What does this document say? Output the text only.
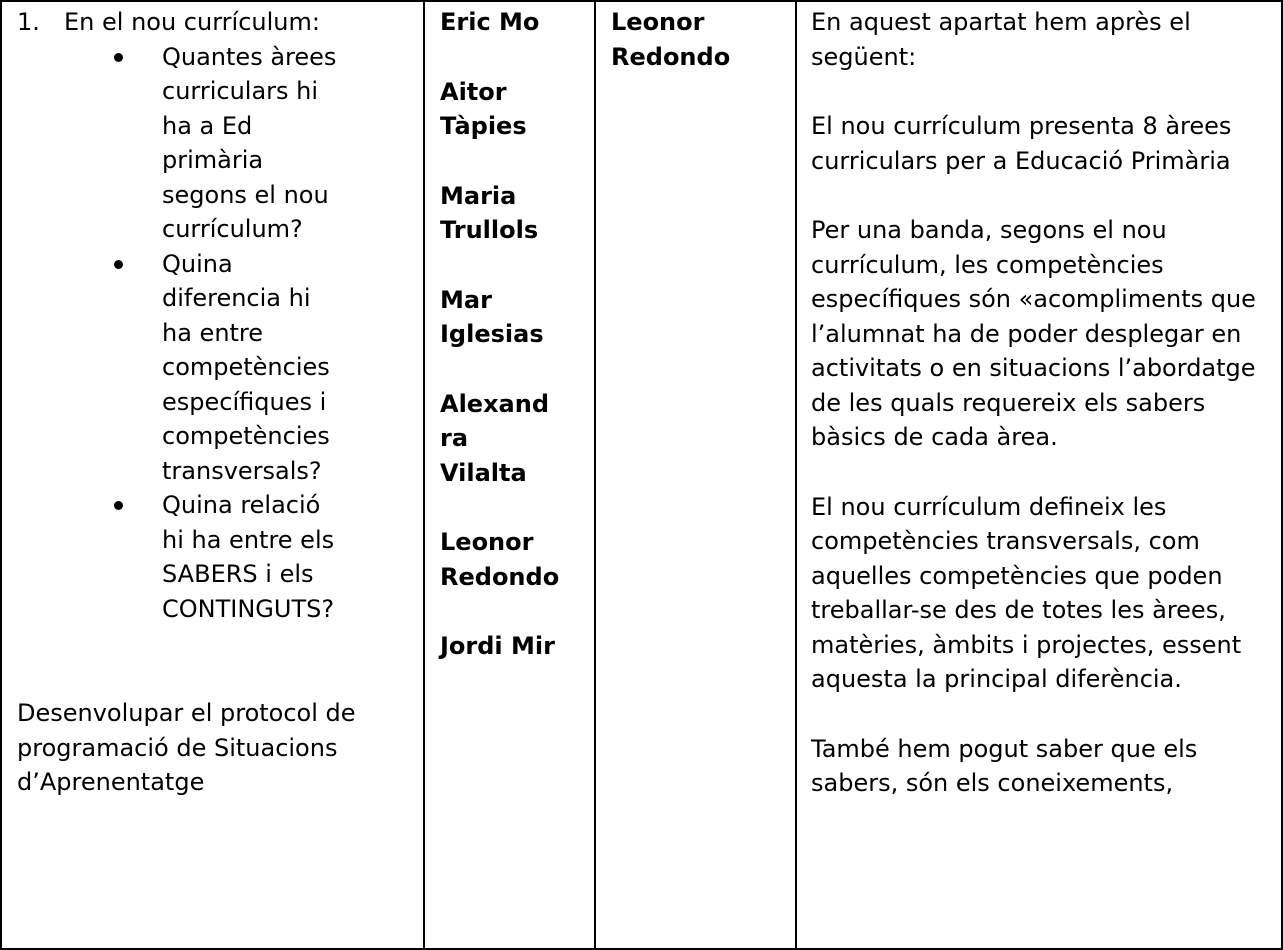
1.	En el nou currículum:
Quantes àrees curriculars hi ha a Ed primària segons el nou currículum?
Quina diferencia hi ha entre competències específiques i competències transversals?
Quina relació hi ha entre els SABERS i els CONTINGUTS?
Desenvolupar el protocol de programació de Situacions d’Aprenentatge

Eric Mo
Aitor Tàpies
Maria Trullols
Mar Iglesias
Alexandra Vilalta
Leonor Redondo
Jordi Mir

Leonor Redondo

En aquest apartat hem après el següent:

El nou currículum presenta 8 àrees curriculars per a Educació Primària

Per una banda, segons el nou currículum, les competències específiques són «acompliments que l’alumnat ha de poder desplegar en activitats o en situacions l’abordatge de les quals requereix els sabers bàsics de cada àrea.

El nou currículum defineix les competències transversals, com aquelles competències que poden treballar-se des de totes les àrees, matèries, àmbits i projectes, essent aquesta la principal diferència.

També hem pogut saber que els sabers, són els coneixements,
